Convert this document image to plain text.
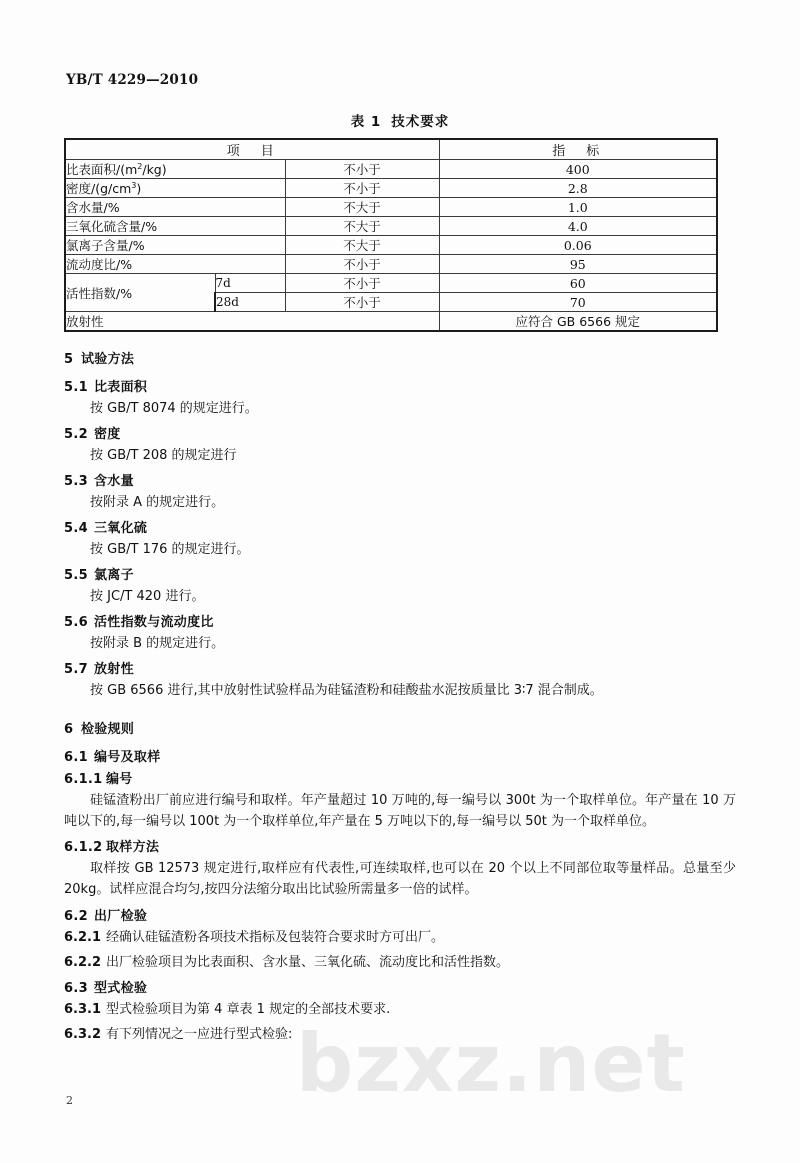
bzxz.net
YB/T 4229—2010
表 1 技术要求
项　目			指　标
比表面积$/(m^2/kg)$		不小于	400
密度$/(g/cm^3)$		不小于	2.8
含水量/%		不大于	1.0
三氧化硫含量/%		不大于	4.0
氯离子含量/%		不大于	0.06
流动度比/%		不小于	95
活性指数/%	7d	不小于	60
	28d	不小于	70
放射性			应符合 GB 6566 规定
5 试验方法
5.1 比表面积
按 GB/T 8074 的规定进行。
5.2 密度
按 GB/T 208 的规定进行
5.3 含水量
按附录 A 的规定进行。
5.4 三氧化硫
按 GB/T 176 的规定进行。
5.5 氯离子
按 JC/T 420 进行。
5.6 活性指数与流动度比
按附录 B 的规定进行。
5.7 放射性
按 GB 6566 进行,其中放射性试验样品为硅锰渣粉和硅酸盐水泥按质量比 3∶7 混合制成。
6 检验规则
6.1 编号及取样
6.1.1 编号
硅锰渣粉出厂前应进行编号和取样。年产量超过 10 万吨的,每一编号以 300t 为一个取样单位。年产量在 10 万吨以下的,每一编号以 100t 为一个取样单位,年产量在 5 万吨以下的,每一编号以 50t 为一个取样单位。
6.1.2 取样方法
取样按 GB 12573 规定进行,取样应有代表性,可连续取样,也可以在 20 个以上不同部位取等量样品。总量至少 20kg。试样应混合均匀,按四分法缩分取出比试验所需量多一倍的试样。
6.2 出厂检验
6.2.1 经确认硅锰渣粉各项技术指标及包装符合要求时方可出厂。
6.2.2 出厂检验项目为比表面积、含水量、三氧化硫、流动度比和活性指数。
6.3 型式检验
6.3.1 型式检验项目为第 4 章表 1 规定的全部技术要求.
6.3.2 有下列情况之一应进行型式检验:
2
